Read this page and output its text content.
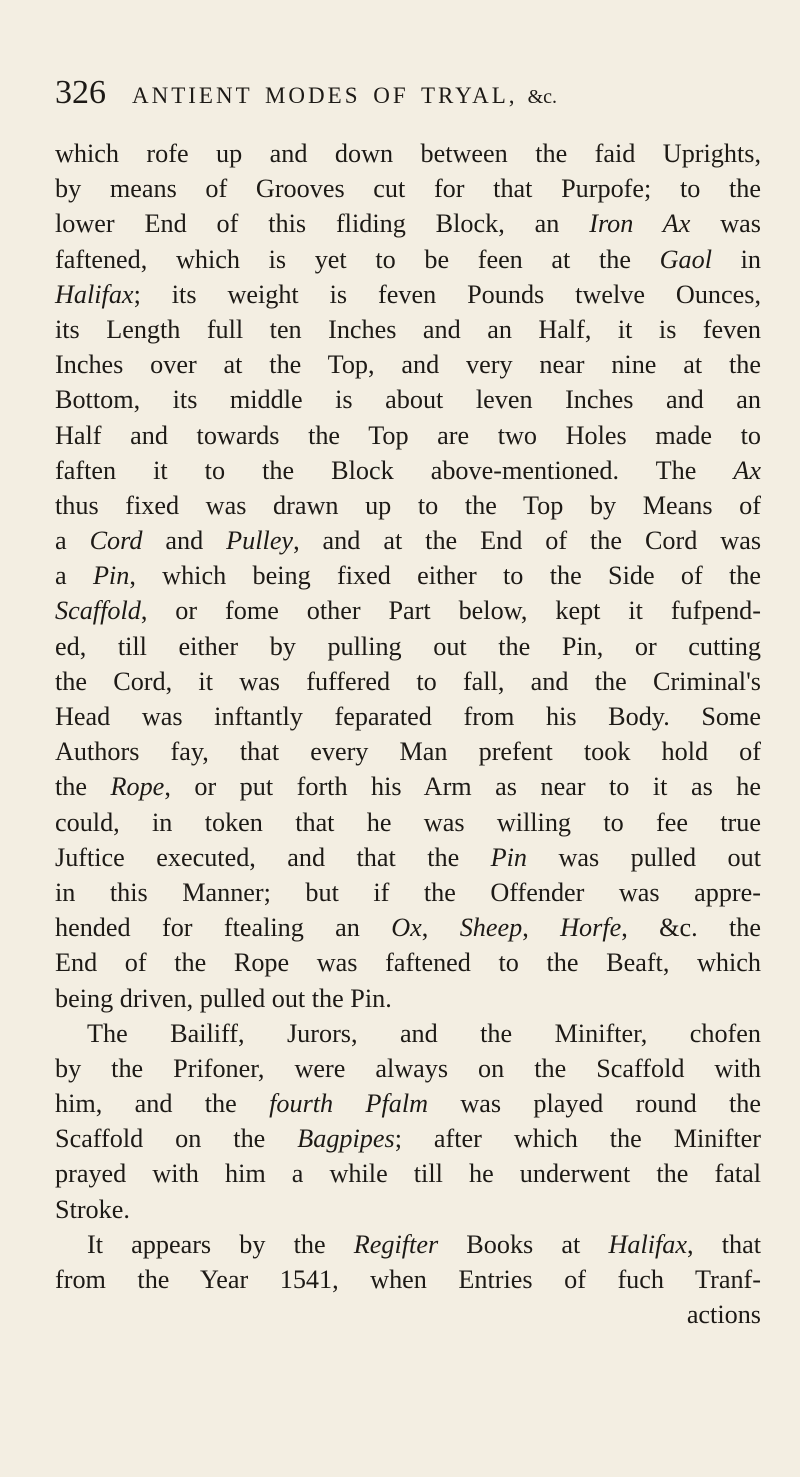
326 ANTIENT MODES OF TRYAL, &c.
which rofe up and down between the faid Uprights,
by means of Grooves cut for that Purpofe; to the
lower End of this fliding Block, an Iron Ax was
faftened, which is yet to be feen at the Gaol in
Halifax; its weight is feven Pounds twelve Ounces,
its Length full ten Inches and an Half, it is feven
Inches over at the Top, and very near nine at the
Bottom, its middle is about leven Inches and an
Half and towards the Top are two Holes made to
faften it to the Block above-mentioned. The Ax
thus fixed was drawn up to the Top by Means of
a Cord and Pulley, and at the End of the Cord was
a Pin, which being fixed either to the Side of the
Scaffold, or fome other Part below, kept it fufpend-
ed, till either by pulling out the Pin, or cutting
the Cord, it was fuffered to fall, and the Criminal's
Head was inftantly feparated from his Body. Some
Authors fay, that every Man prefent took hold of
the Rope, or put forth his Arm as near to it as he
could, in token that he was willing to fee true
Juftice executed, and that the Pin was pulled out
in this Manner; but if the Offender was appre-
hended for ftealing an Ox, Sheep, Horfe, &c. the
End of the Rope was faftened to the Beaft, which
being driven, pulled out the Pin.
The Bailiff, Jurors, and the Minifter, chofen
by the Prifoner, were always on the Scaffold with
him, and the fourth Pfalm was played round the
Scaffold on the Bagpipes; after which the Minifter
prayed with him a while till he underwent the fatal
Stroke.
It appears by the Regifter Books at Halifax, that
from the Year 1541, when Entries of fuch Tranf-
actions
